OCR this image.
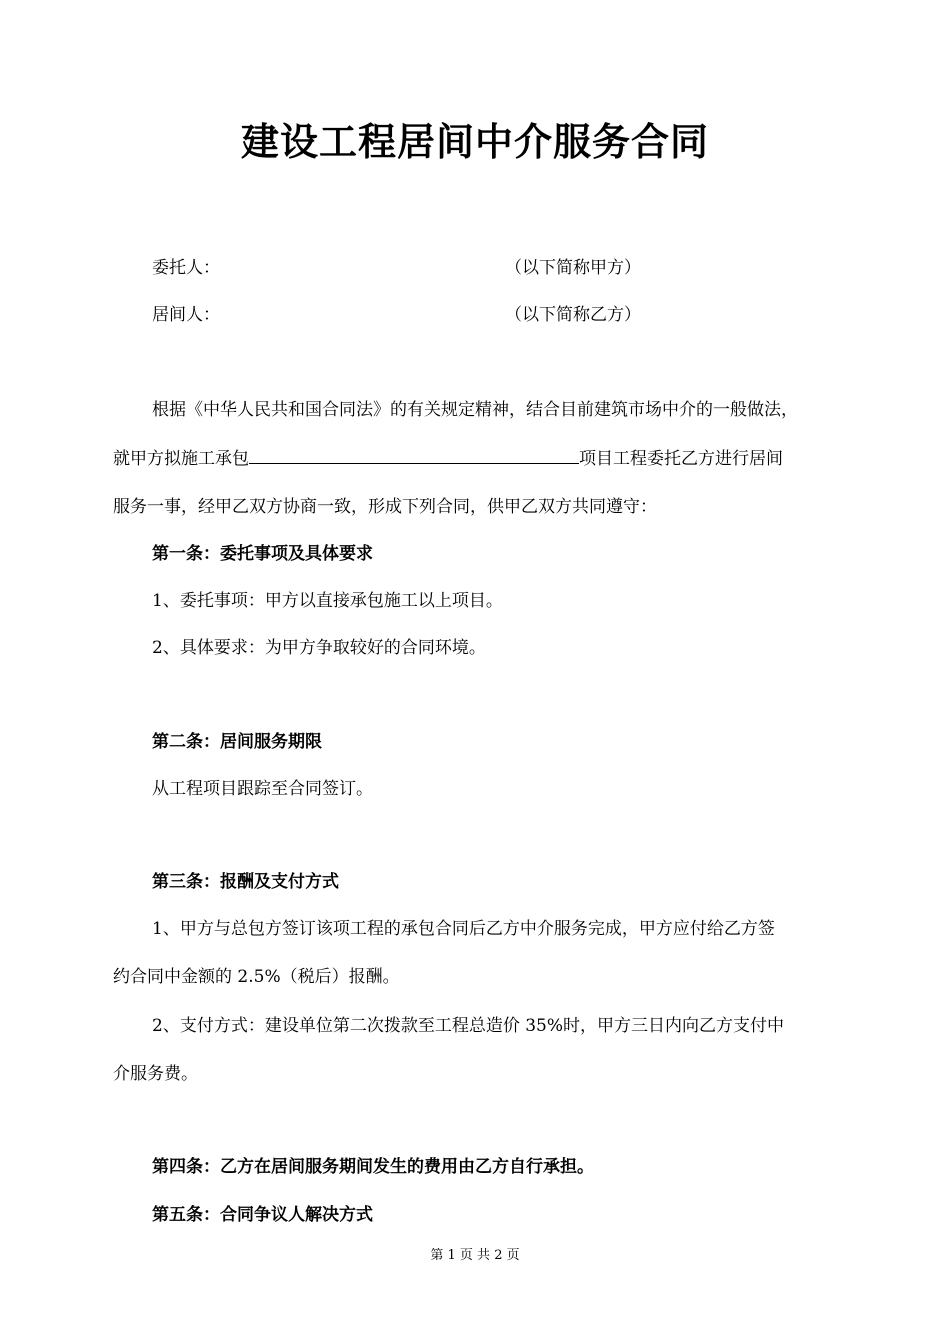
建设工程居间中介服务合同
委托人：	（以下简称甲方）
居间人：	（以下简称乙方）
根据《中华人民共和国合同法》的有关规定精神，结合目前建筑市场中介的一般做法，
就甲方拟施工承包	项目工程委托乙方进行居间
服务一事，经甲乙双方协商一致，形成下列合同，供甲乙双方共同遵守：
第一条：委托事项及具体要求
1、委托事项：甲方以直接承包施工以上项目。
2、具体要求：为甲方争取较好的合同环境。
第二条：居间服务期限
从工程项目跟踪至合同签订。
第三条：报酬及支付方式
1、甲方与总包方签订该项工程的承包合同后乙方中介服务完成，甲方应付给乙方签
约合同中金额的 2.5%（税后）报酬。
2、支付方式：建设单位第二次拨款至工程总造价 35%时，甲方三日内向乙方支付中
介服务费。
第四条：乙方在居间服务期间发生的费用由乙方自行承担。
第五条：合同争议人解决方式
第 1 页 共 2 页
